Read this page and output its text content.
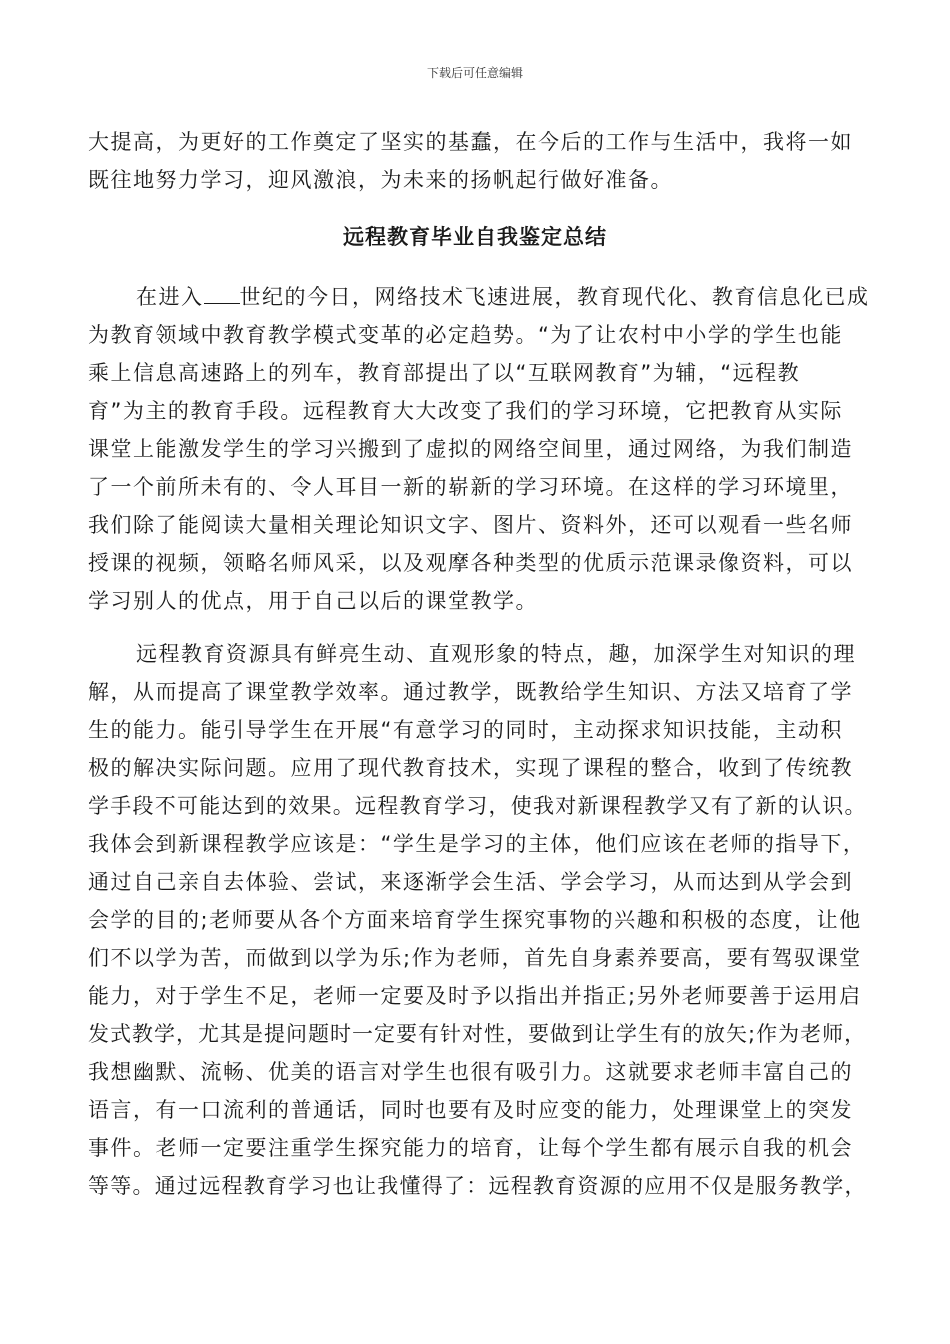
下载后可任意编辑
大提高，为更好的工作奠定了坚实的基蠢，在今后的工作与生活中，我将一如
既往地努力学习，迎风激浪，为未来的扬帆起行做好准备。
远程教育毕业自我鉴定总结
在进入 世纪的今日，网络技术飞速进展，教育现代化、教育信息化已成
为教育领域中教育教学模式变革的必定趋势。“为了让农村中小学的学生也能
乘上信息高速路上的列车，教育部提出了以“互联网教育”为辅，“远程教
育”为主的教育手段。远程教育大大改变了我们的学习环境，它把教育从实际
课堂上能激发学生的学习兴搬到了虚拟的网络空间里，通过网络，为我们制造
了一个前所未有的、令人耳目一新的崭新的学习环境。在这样的学习环境里，
我们除了能阅读大量相关理论知识文字、图片、资料外，还可以观看一些名师
授课的视频，领略名师风采，以及观摩各种类型的优质示范课录像资料，可以
学习别人的优点，用于自己以后的课堂教学。
远程教育资源具有鲜亮生动、直观形象的特点，趣，加深学生对知识的理
解，从而提高了课堂教学效率。通过教学，既教给学生知识、方法又培育了学
生的能力。能引导学生在开展“有意学习的同时，主动探求知识技能，主动积
极的解决实际问题。应用了现代教育技术，实现了课程的整合，收到了传统教
学手段不可能达到的效果。远程教育学习，使我对新课程教学又有了新的认识。
我体会到新课程教学应该是：“学生是学习的主体，他们应该在老师的指导下，
通过自己亲自去体验、尝试，来逐渐学会生活、学会学习，从而达到从学会到
会学的目的;老师要从各个方面来培育学生探究事物的兴趣和积极的态度，让他
们不以学为苦，而做到以学为乐;作为老师，首先自身素养要高，要有驾驭课堂
能力，对于学生不足，老师一定要及时予以指出并指正;另外老师要善于运用启
发式教学，尤其是提问题时一定要有针对性，要做到让学生有的放矢;作为老师，
我想幽默、流畅、优美的语言对学生也很有吸引力。这就要求老师丰富自己的
语言，有一口流利的普通话，同时也要有及时应变的能力，处理课堂上的突发
事件。老师一定要注重学生探究能力的培育，让每个学生都有展示自我的机会
等等。通过远程教育学习也让我懂得了：远程教育资源的应用不仅是服务教学，
